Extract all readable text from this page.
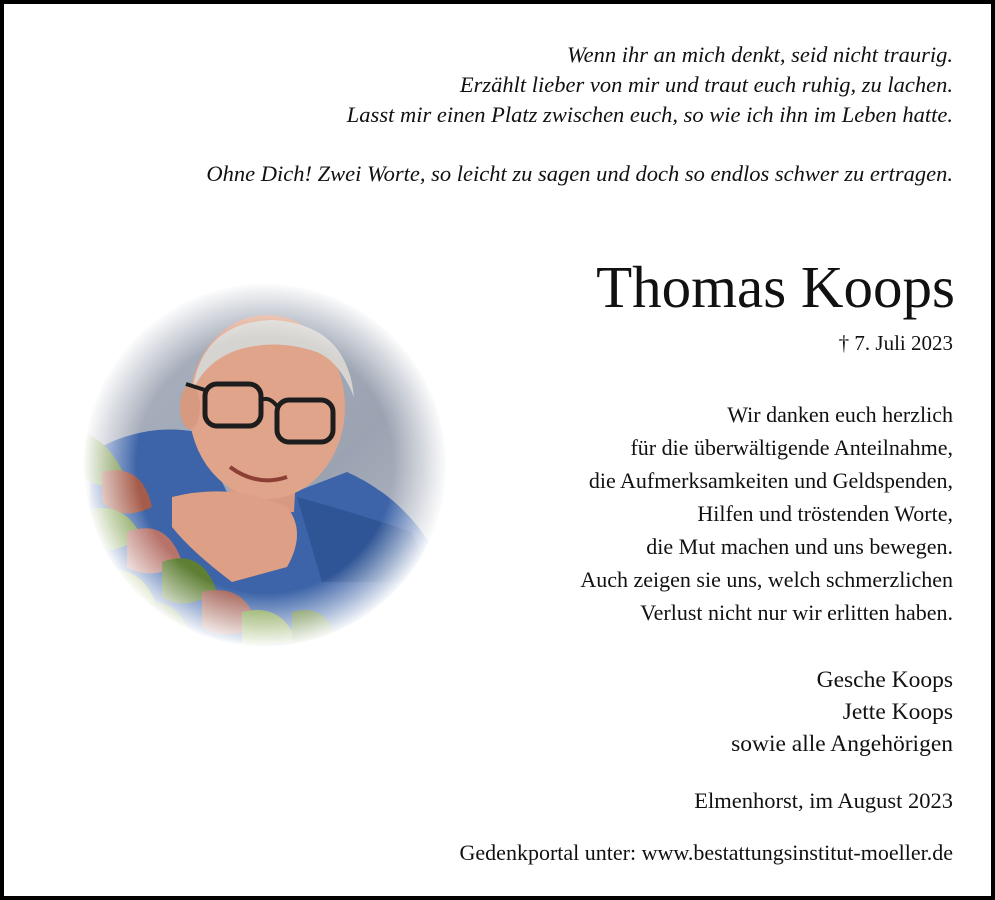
Wenn ihr an mich denkt, seid nicht traurig.
Erzählt lieber von mir und traut euch ruhig, zu lachen.
Lasst mir einen Platz zwischen euch, so wie ich ihn im Leben hatte.
Ohne Dich! Zwei Worte, so leicht zu sagen und doch so endlos schwer zu ertragen.
Thomas Koops
† 7. Juli 2023
Wir danken euch herzlich
für die überwältigende Anteilnahme,
die Aufmerksamkeiten und Geldspenden,
Hilfen und tröstenden Worte,
die Mut machen und uns bewegen.
Auch zeigen sie uns, welch schmerzlichen
Verlust nicht nur wir erlitten haben.
Gesche Koops
Jette Koops
sowie alle Angehörigen
Elmenhorst, im August 2023
Gedenkportal unter: www.bestattungsinstitut-moeller.de
